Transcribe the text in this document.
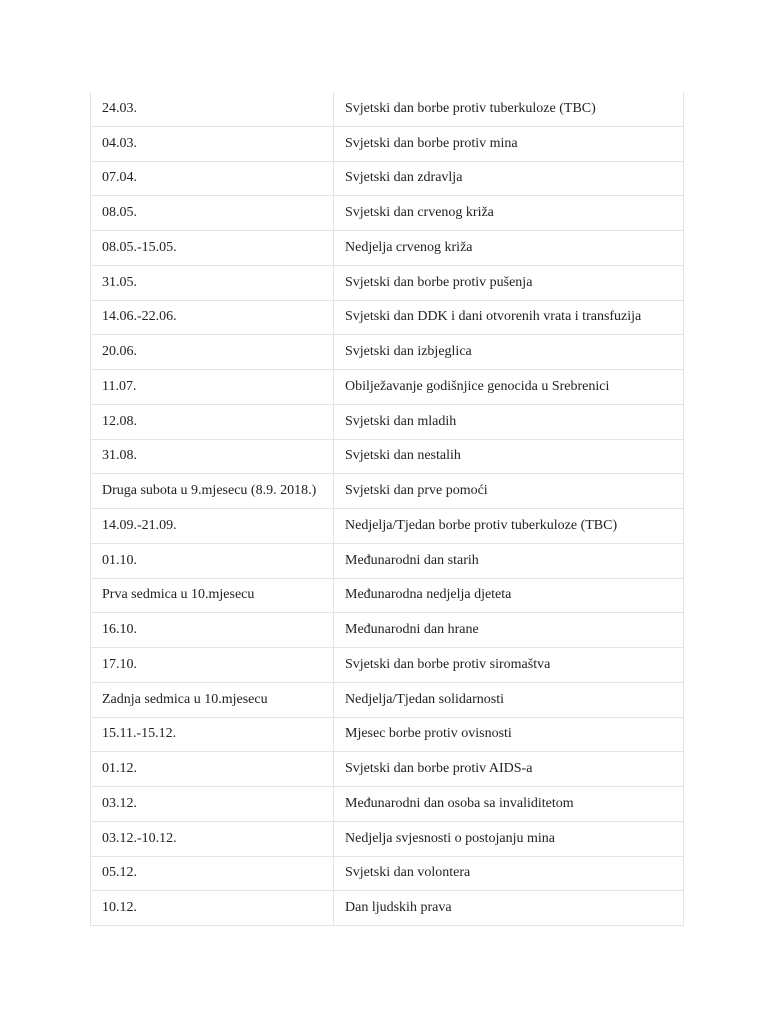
24.03.	Svjetski dan borbe protiv tuberkuloze (TBC)
04.03.	Svjetski dan borbe protiv mina
07.04.	Svjetski dan zdravlja
08.05.	Svjetski dan crvenog križa
08.05.-15.05.	Nedjelja crvenog križa
31.05.	Svjetski dan borbe protiv pušenja
14.06.-22.06.	Svjetski dan DDK i dani otvorenih vrata i transfuzija
20.06.	Svjetski dan izbjeglica
11.07.	Obilježavanje godišnjice genocida u Srebrenici
12.08.	Svjetski dan mladih
31.08.	Svjetski dan nestalih
Druga subota u 9.mjesecu (8.9. 2018.)	Svjetski dan prve pomoći
14.09.-21.09.	Nedjelja/Tjedan borbe protiv tuberkuloze (TBC)
01.10.	Međunarodni dan starih
Prva sedmica u 10.mjesecu	Međunarodna nedjelja djeteta
16.10.	Međunarodni dan hrane
17.10.	Svjetski dan borbe protiv siromaštva
Zadnja sedmica u 10.mjesecu	Nedjelja/Tjedan solidarnosti
15.11.-15.12.	Mjesec borbe protiv ovisnosti
01.12.	Svjetski dan borbe protiv AIDS-a
03.12.	Međunarodni dan osoba sa invaliditetom
03.12.-10.12.	Nedjelja svjesnosti o postojanju mina
05.12.	Svjetski dan volontera
10.12.	Dan ljudskih prava
